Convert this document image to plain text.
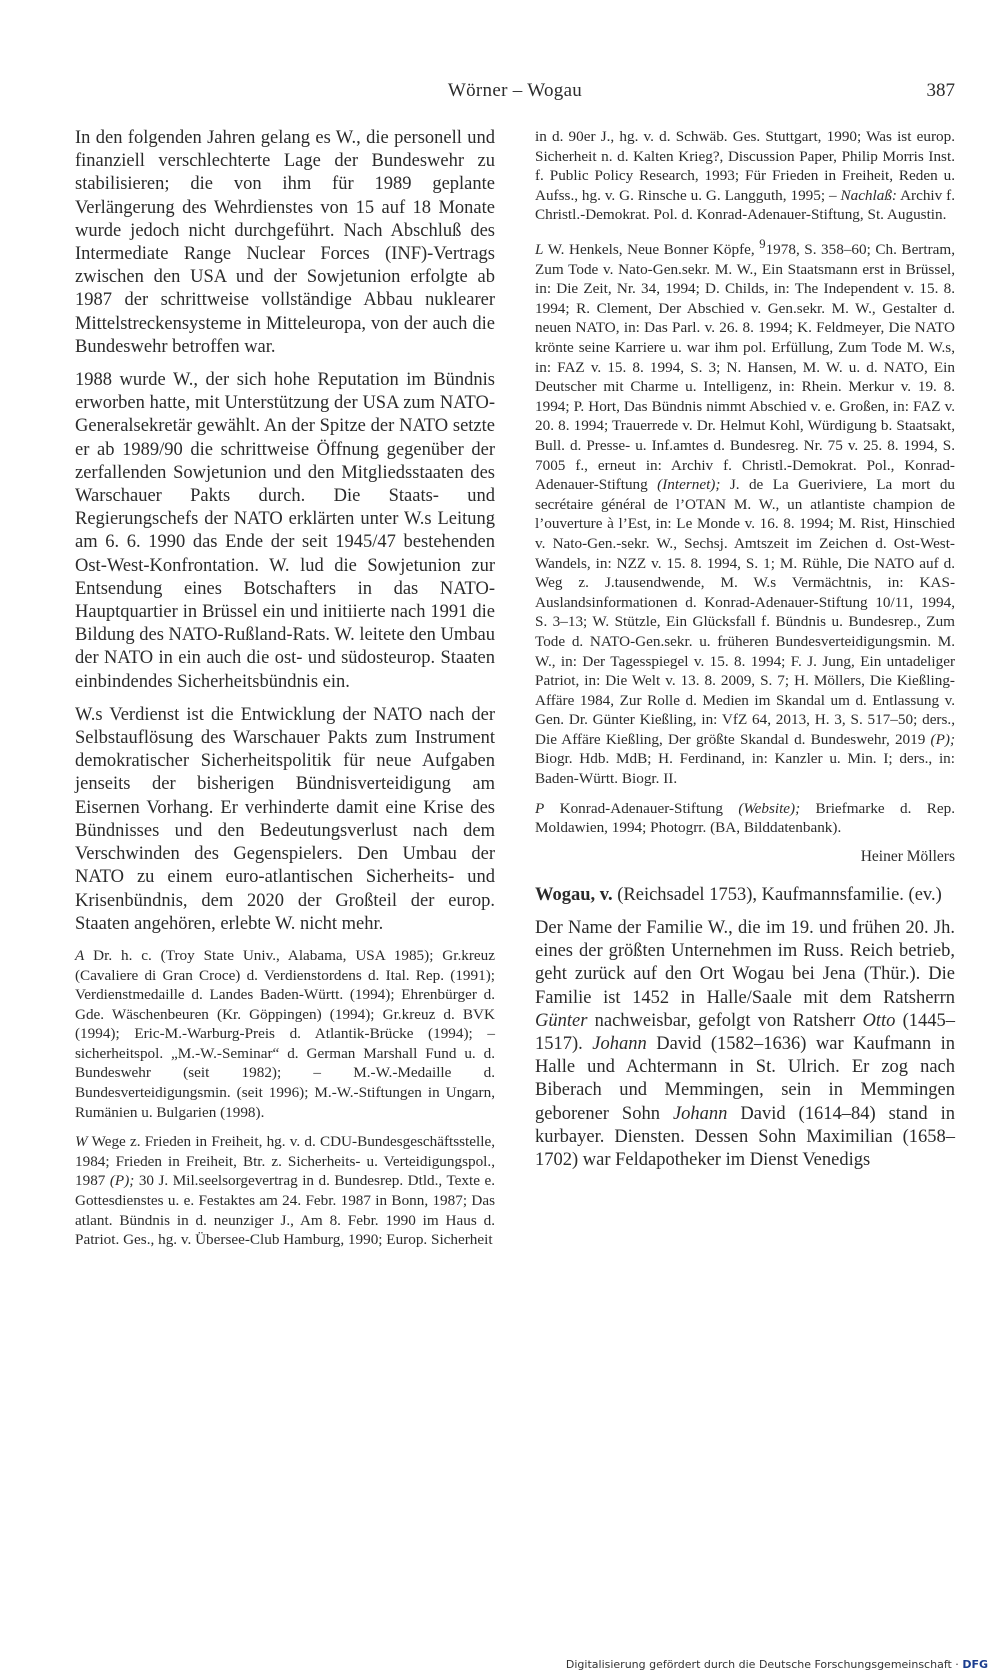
Wörner – Wogau	387

In den folgenden Jahren gelang es W., die personell und finanziell verschlechterte Lage der Bundeswehr zu stabilisieren; die von ihm für 1989 geplante Verlängerung des Wehrdienstes von 15 auf 18 Monate wurde jedoch nicht durchgeführt. Nach Abschluß des Intermediate Range Nuclear Forces (INF)-Vertrags zwischen den USA und der Sowjetunion erfolgte ab 1987 der schrittweise vollständige Abbau nuklearer Mittelstreckensysteme in Mitteleuropa, von der auch die Bundeswehr betroffen war.

1988 wurde W., der sich hohe Reputation im Bündnis erworben hatte, mit Unterstützung der USA zum NATO-Generalsekretär gewählt. An der Spitze der NATO setzte er ab 1989/90 die schrittweise Öffnung gegenüber der zerfallenden Sowjetunion und den Mitgliedsstaaten des Warschauer Pakts durch. Die Staats- und Regierungschefs der NATO erklärten unter W.s Leitung am 6. 6. 1990 das Ende der seit 1945/47 bestehenden Ost-West-Konfrontation. W. lud die Sowjetunion zur Entsendung eines Botschafters in das NATO-Hauptquartier in Brüssel ein und initiierte nach 1991 die Bildung des NATO-Rußland-Rats. W. leitete den Umbau der NATO in ein auch die ost- und südosteurop. Staaten einbindendes Sicherheitsbündnis ein.

W.s Verdienst ist die Entwicklung der NATO nach der Selbstauflösung des Warschauer Pakts zum Instrument demokratischer Sicherheitspolitik für neue Aufgaben jenseits der bisherigen Bündnisverteidigung am Eisernen Vorhang. Er verhinderte damit eine Krise des Bündnisses und den Bedeutungsverlust nach dem Verschwinden des Gegenspielers. Den Umbau der NATO zu einem euro-atlantischen Sicherheits- und Krisenbündnis, dem 2020 der Großteil der europ. Staaten angehören, erlebte W. nicht mehr.

A Dr. h. c. (Troy State Univ., Alabama, USA 1985); Gr.kreuz (Cavaliere di Gran Croce) d. Verdienstordens d. Ital. Rep. (1991); Verdienstmedaille d. Landes Baden-Württ. (1994); Ehrenbürger d. Gde. Wäschenbeuren (Kr. Göppingen) (1994); Gr.kreuz d. BVK (1994); Eric-M.-Warburg-Preis d. Atlantik-Brücke (1994); – sicherheitspol. „M.-W.-Seminar“ d. German Marshall Fund u. d. Bundeswehr (seit 1982); – M.-W.-Medaille d. Bundesverteidigungsmin. (seit 1996); M.-W.-Stiftungen in Ungarn, Rumänien u. Bulgarien (1998).

W Wege z. Frieden in Freiheit, hg. v. d. CDU-Bundesgeschäftsstelle, 1984; Frieden in Freiheit, Btr. z. Sicherheits- u. Verteidigungspol., 1987 (P); 30 J. Mil.seelsorgevertrag in d. Bundesrep. Dtld., Texte e. Gottesdienstes u. e. Festaktes am 24. Febr. 1987 in Bonn, 1987; Das atlant. Bündnis in d. neunziger J., Am 8. Febr. 1990 im Haus d. Patriot. Ges., hg. v. Übersee-Club Hamburg, 1990; Europ. Sicherheit

in d. 90er J., hg. v. d. Schwäb. Ges. Stuttgart, 1990; Was ist europ. Sicherheit n. d. Kalten Krieg?, Discussion Paper, Philip Morris Inst. f. Public Policy Research, 1993; Für Frieden in Freiheit, Reden u. Aufss., hg. v. G. Rinsche u. G. Langguth, 1995; – Nachlaß: Archiv f. Christl.-Demokrat. Pol. d. Konrad-Adenauer-Stiftung, St. Augustin.

L W. Henkels, Neue Bonner Köpfe, $^9$1978, S. 358–60; Ch. Bertram, Zum Tode v. Nato-Gen.sekr. M. W., Ein Staatsmann erst in Brüssel, in: Die Zeit, Nr. 34, 1994; D. Childs, in: The Independent v. 15. 8. 1994; R. Clement, Der Abschied v. Gen.sekr. M. W., Gestalter d. neuen NATO, in: Das Parl. v. 26. 8. 1994; K. Feldmeyer, Die NATO krönte seine Karriere u. war ihm pol. Erfüllung, Zum Tode M. W.s, in: FAZ v. 15. 8. 1994, S. 3; N. Hansen, M. W. u. d. NATO, Ein Deutscher mit Charme u. Intelligenz, in: Rhein. Merkur v. 19. 8. 1994; P. Hort, Das Bündnis nimmt Abschied v. e. Großen, in: FAZ v. 20. 8. 1994; Trauerrede v. Dr. Helmut Kohl, Würdigung b. Staatsakt, Bull. d. Presse- u. Inf.amtes d. Bundesreg. Nr. 75 v. 25. 8. 1994, S. 7005 f., erneut in: Archiv f. Christl.-Demokrat. Pol., Konrad-Adenauer-Stiftung (Internet); J. de La Gueriviere, La mort du secrétaire général de l’OTAN M. W., un atlantiste champion de l’ouverture à l’Est, in: Le Monde v. 16. 8. 1994; M. Rist, Hinschied v. Nato-Gen.-sekr. W., Sechsj. Amtszeit im Zeichen d. Ost-West-Wandels, in: NZZ v. 15. 8. 1994, S. 1; M. Rühle, Die NATO auf d. Weg z. J.tausendwende, M. W.s Vermächtnis, in: KAS-Auslandsinformationen d. Konrad-Adenauer-Stiftung 10/11, 1994, S. 3–13; W. Stützle, Ein Glücksfall f. Bündnis u. Bundesrep., Zum Tode d. NATO-Gen.sekr. u. früheren Bundesverteidigungsmin. M. W., in: Der Tagesspiegel v. 15. 8. 1994; F. J. Jung, Ein untadeliger Patriot, in: Die Welt v. 13. 8. 2009, S. 7; H. Möllers, Die Kießling-Affäre 1984, Zur Rolle d. Medien im Skandal um d. Entlassung v. Gen. Dr. Günter Kießling, in: VfZ 64, 2013, H. 3, S. 517–50; ders., Die Affäre Kießling, Der größte Skandal d. Bundeswehr, 2019 (P); Biogr. Hdb. MdB; H. Ferdinand, in: Kanzler u. Min. I; ders., in: Baden-Württ. Biogr. II.

P Konrad-Adenauer-Stiftung (Website); Briefmarke d. Rep. Moldawien, 1994; Photogrr. (BA, Bilddatenbank).

Heiner Möllers

Wogau, v. (Reichsadel 1753), Kaufmannsfamilie. (ev.)

Der Name der Familie W., die im 19. und frühen 20. Jh. eines der größten Unternehmen im Russ. Reich betrieb, geht zurück auf den Ort Wogau bei Jena (Thür.). Die Familie ist 1452 in Halle/Saale mit dem Ratsherrn Günter nachweisbar, gefolgt von Ratsherr Otto (1445–1517). Johann David (1582–1636) war Kaufmann in Halle und Achtermann in St. Ulrich. Er zog nach Biberach und Memmingen, sein in Memmingen geborener Sohn Johann David (1614–84) stand in kurbayer. Diensten. Dessen Sohn Maximilian (1658–1702) war Feldapotheker im Dienst Venedigs

Digitalisierung gefördert durch die Deutsche Forschungsgemeinschaft · DFG
